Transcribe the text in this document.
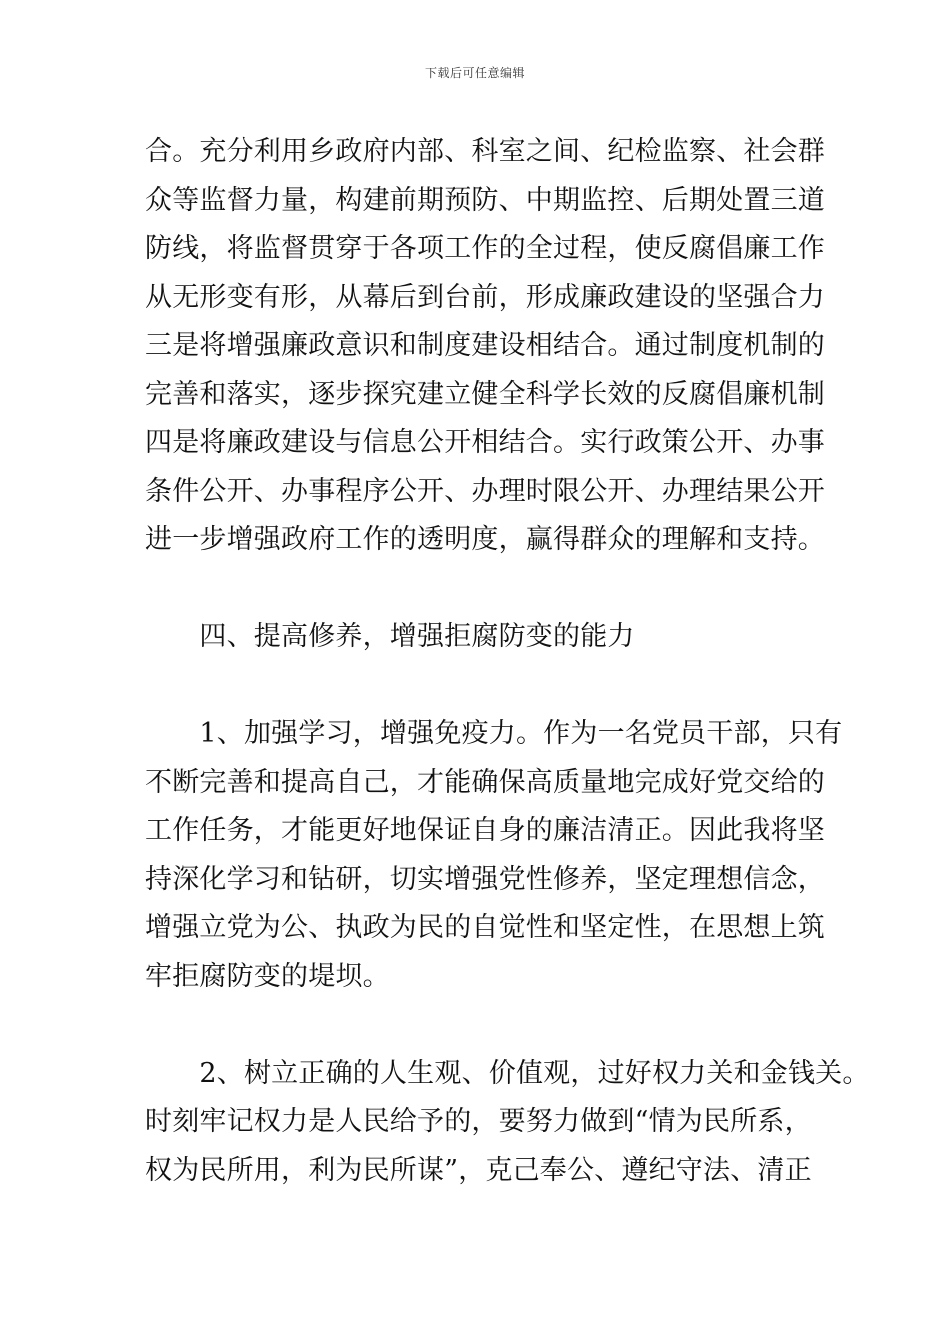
下载后可任意编辑
合。充分利用乡政府内部、科室之间、纪检监察、社会群
众等监督力量，构建前期预防、中期监控、后期处置三道
防线，将监督贯穿于各项工作的全过程，使反腐倡廉工作
从无形变有形，从幕后到台前，形成廉政建设的坚强合力
三是将增强廉政意识和制度建设相结合。通过制度机制的
完善和落实，逐步探究建立健全科学长效的反腐倡廉机制
四是将廉政建设与信息公开相结合。实行政策公开、办事
条件公开、办事程序公开、办理时限公开、办理结果公开
进一步增强政府工作的透明度，赢得群众的理解和支持。
　　四、提高修养，增强拒腐防变的能力
　　1、加强学习，增强免疫力。作为一名党员干部，只有
不断完善和提高自己，才能确保高质量地完成好党交给的
工作任务，才能更好地保证自身的廉洁清正。因此我将坚
持深化学习和钻研，切实增强党性修养，坚定理想信念，
增强立党为公、执政为民的自觉性和坚定性，在思想上筑
牢拒腐防变的堤坝。
　　2、树立正确的人生观、价值观，过好权力关和金钱关。
时刻牢记权力是人民给予的，要努力做到“情为民所系，
权为民所用，利为民所谋”，克己奉公、遵纪守法、清正
